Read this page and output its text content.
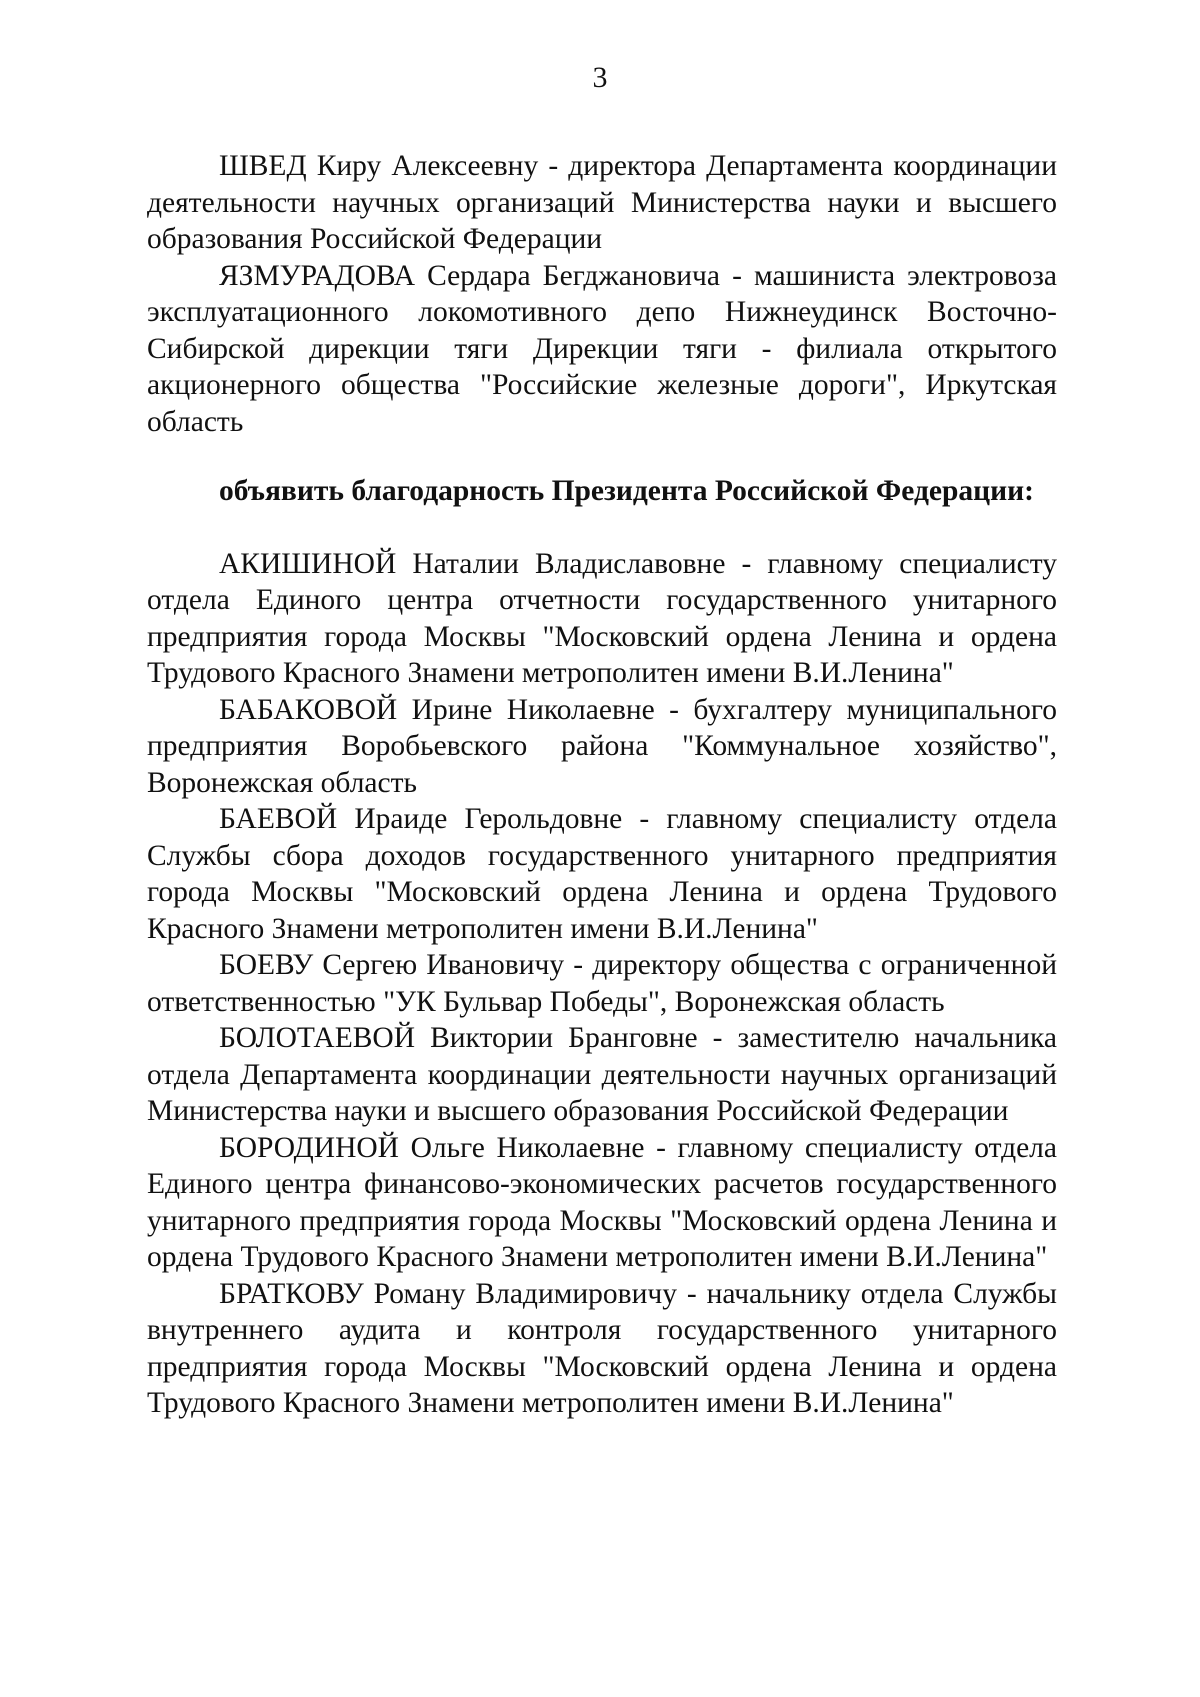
3

ШВЕД Киру Алексеевну - директора Департамента координации деятельности научных организаций Министерства науки и высшего образования Российской Федерации

ЯЗМУРАДОВА Сердара Бегджановича - машиниста электровоза эксплуатационного локомотивного депо Нижнеудинск Восточно-Сибирской дирекции тяги Дирекции тяги - филиала открытого акционерного общества "Российские железные дороги", Иркутская область

объявить благодарность Президента Российской Федерации:

АКИШИНОЙ Наталии Владиславовне - главному специалисту отдела Единого центра отчетности государственного унитарного предприятия города Москвы "Московский ордена Ленина и ордена Трудового Красного Знамени метрополитен имени В.И.Ленина"

БАБАКОВОЙ Ирине Николаевне - бухгалтеру муниципального предприятия Воробьевского района "Коммунальное хозяйство", Воронежская область

БАЕВОЙ Ираиде Герольдовне - главному специалисту отдела Службы сбора доходов государственного унитарного предприятия города Москвы "Московский ордена Ленина и ордена Трудового Красного Знамени метрополитен имени В.И.Ленина"

БОЕВУ Сергею Ивановичу - директору общества с ограниченной ответственностью "УК Бульвар Победы", Воронежская область

БОЛОТАЕВОЙ Виктории Бранговне - заместителю начальника отдела Департамента координации деятельности научных организаций Министерства науки и высшего образования Российской Федерации

БОРОДИНОЙ Ольге Николаевне - главному специалисту отдела Единого центра финансово-экономических расчетов государственного унитарного предприятия города Москвы "Московский ордена Ленина и ордена Трудового Красного Знамени метрополитен имени В.И.Ленина"

БРАТКОВУ Роману Владимировичу - начальнику отдела Службы внутреннего аудита и контроля государственного унитарного предприятия города Москвы "Московский ордена Ленина и ордена Трудового Красного Знамени метрополитен имени В.И.Ленина"
